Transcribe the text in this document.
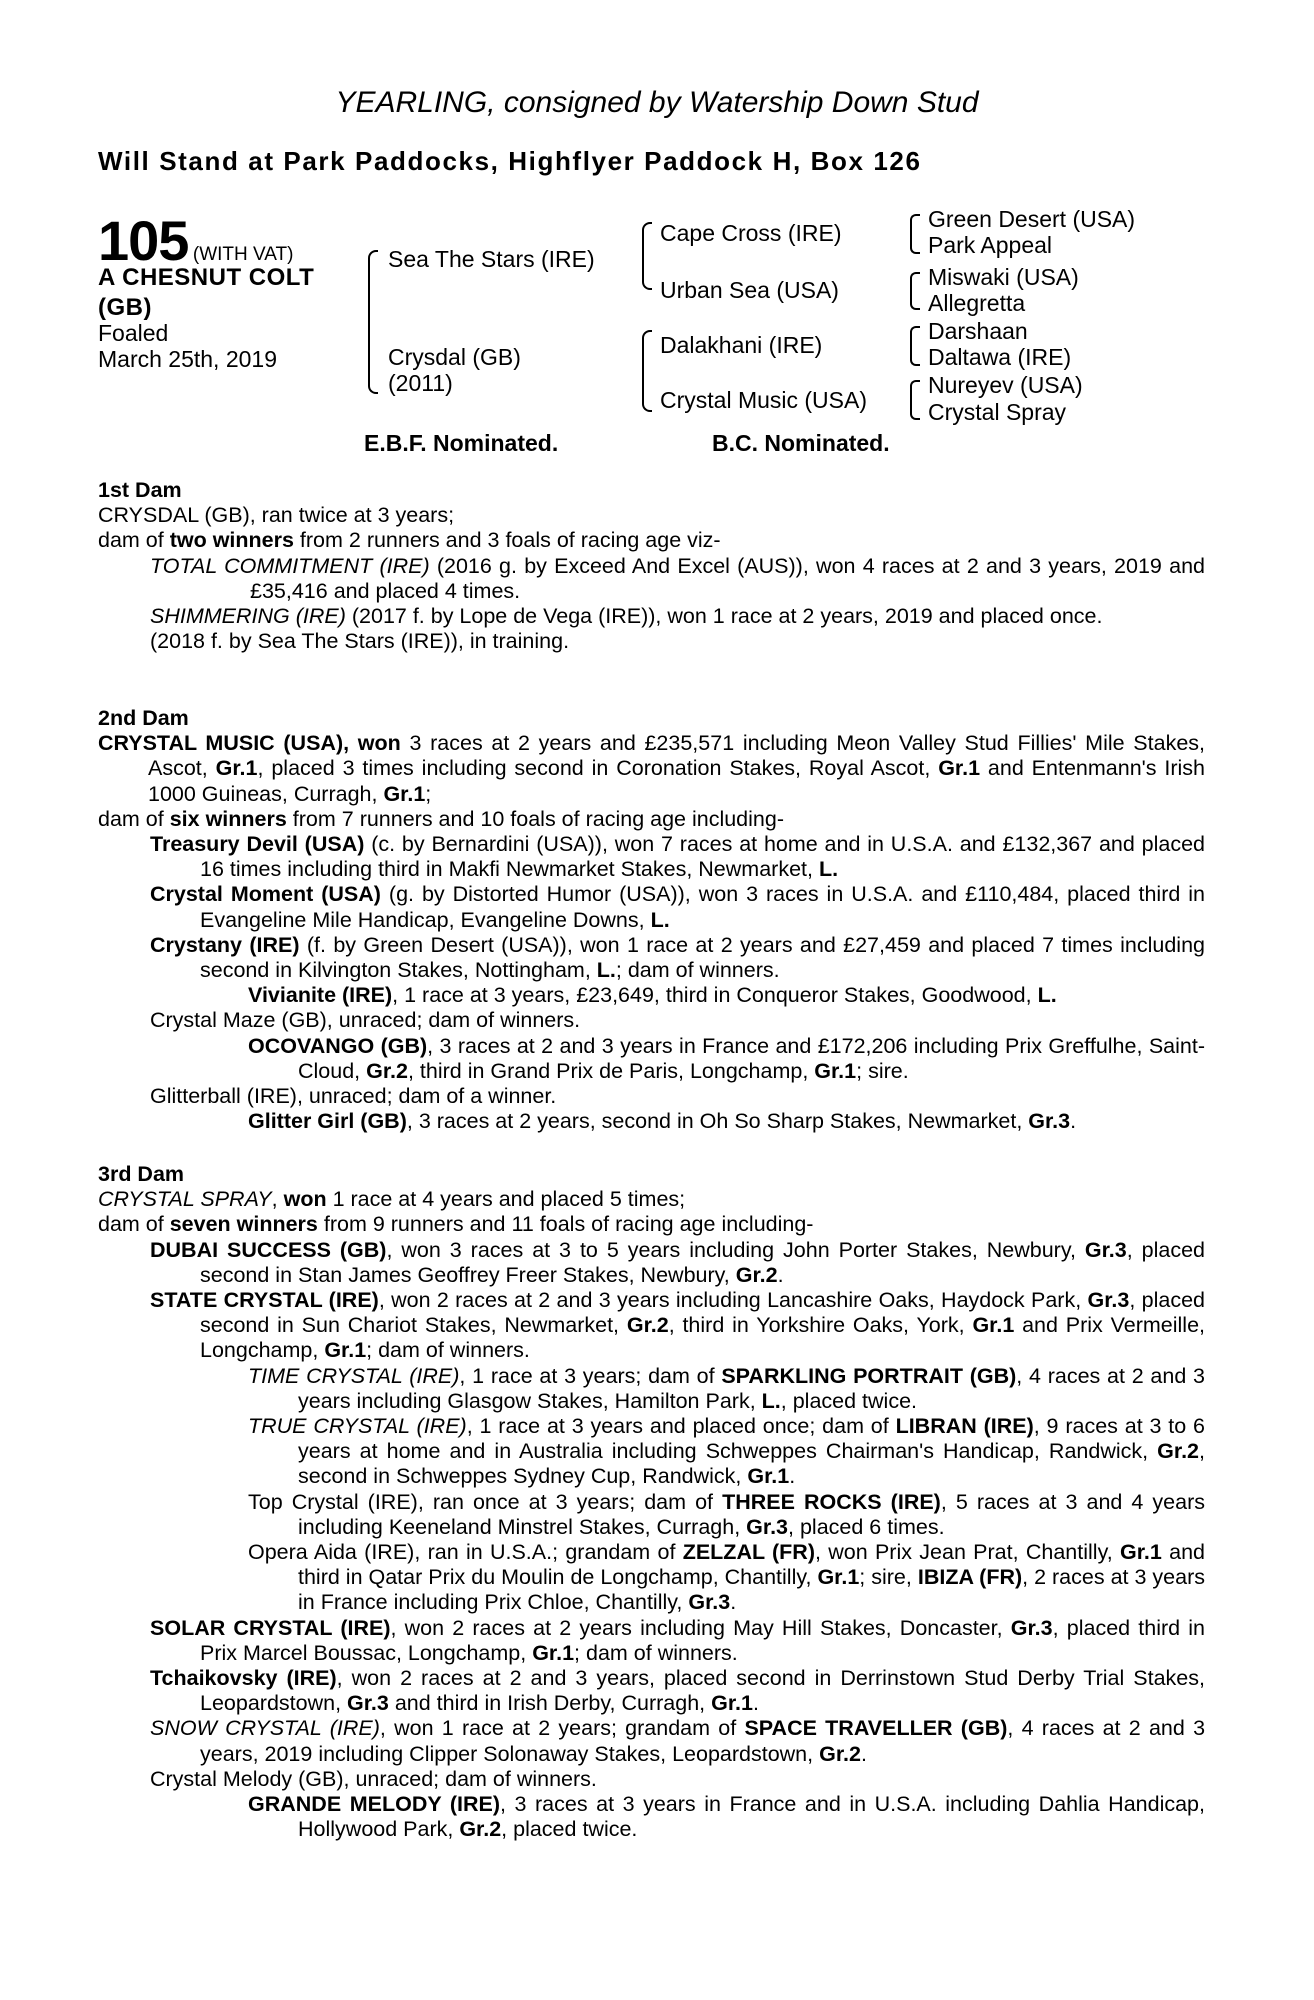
YEARLING, consigned by Watership Down Stud
Will Stand at Park Paddocks, Highflyer Paddock H, Box 126
105 (WITH VAT)
A CHESNUT COLT
(GB)
Foaled
March 25th, 2019
Sea The Stars (IRE)
Crysdal (GB)
(2011)
Cape Cross (IRE)
Urban Sea (USA)
Dalakhani (IRE)
Crystal Music (USA)
Green Desert (USA)
Park Appeal
Miswaki (USA)
Allegretta
Darshaan
Daltawa (IRE)
Nureyev (USA)
Crystal Spray
E.B.F. Nominated.	B.C. Nominated.
1st Dam
CRYSDAL (GB), ran twice at 3 years;
dam of two winners from 2 runners and 3 foals of racing age viz-
TOTAL COMMITMENT (IRE) (2016 g. by Exceed And Excel (AUS)), won 4 races at 2 and 3 years, 2019 and £35,416 and placed 4 times.
SHIMMERING (IRE) (2017 f. by Lope de Vega (IRE)), won 1 race at 2 years, 2019 and placed once.
(2018 f. by Sea The Stars (IRE)), in training.
2nd Dam
CRYSTAL MUSIC (USA), won 3 races at 2 years and £235,571 including Meon Valley Stud Fillies' Mile Stakes, Ascot, Gr.1, placed 3 times including second in Coronation Stakes, Royal Ascot, Gr.1 and Entenmann's Irish 1000 Guineas, Curragh, Gr.1;
dam of six winners from 7 runners and 10 foals of racing age including-
Treasury Devil (USA) (c. by Bernardini (USA)), won 7 races at home and in U.S.A. and £132,367 and placed 16 times including third in Makfi Newmarket Stakes, Newmarket, L.
Crystal Moment (USA) (g. by Distorted Humor (USA)), won 3 races in U.S.A. and £110,484, placed third in Evangeline Mile Handicap, Evangeline Downs, L.
Crystany (IRE) (f. by Green Desert (USA)), won 1 race at 2 years and £27,459 and placed 7 times including second in Kilvington Stakes, Nottingham, L.; dam of winners.
Vivianite (IRE), 1 race at 3 years, £23,649, third in Conqueror Stakes, Goodwood, L.
Crystal Maze (GB), unraced; dam of winners.
OCOVANGO (GB), 3 races at 2 and 3 years in France and £172,206 including Prix Greffulhe, Saint-Cloud, Gr.2, third in Grand Prix de Paris, Longchamp, Gr.1; sire.
Glitterball (IRE), unraced; dam of a winner.
Glitter Girl (GB), 3 races at 2 years, second in Oh So Sharp Stakes, Newmarket, Gr.3.
3rd Dam
CRYSTAL SPRAY, won 1 race at 4 years and placed 5 times;
dam of seven winners from 9 runners and 11 foals of racing age including-
DUBAI SUCCESS (GB), won 3 races at 3 to 5 years including John Porter Stakes, Newbury, Gr.3, placed second in Stan James Geoffrey Freer Stakes, Newbury, Gr.2.
STATE CRYSTAL (IRE), won 2 races at 2 and 3 years including Lancashire Oaks, Haydock Park, Gr.3, placed second in Sun Chariot Stakes, Newmarket, Gr.2, third in Yorkshire Oaks, York, Gr.1 and Prix Vermeille, Longchamp, Gr.1; dam of winners.
TIME CRYSTAL (IRE), 1 race at 3 years; dam of SPARKLING PORTRAIT (GB), 4 races at 2 and 3 years including Glasgow Stakes, Hamilton Park, L., placed twice.
TRUE CRYSTAL (IRE), 1 race at 3 years and placed once; dam of LIBRAN (IRE), 9 races at 3 to 6 years at home and in Australia including Schweppes Chairman's Handicap, Randwick, Gr.2, second in Schweppes Sydney Cup, Randwick, Gr.1.
Top Crystal (IRE), ran once at 3 years; dam of THREE ROCKS (IRE), 5 races at 3 and 4 years including Keeneland Minstrel Stakes, Curragh, Gr.3, placed 6 times.
Opera Aida (IRE), ran in U.S.A.; grandam of ZELZAL (FR), won Prix Jean Prat, Chantilly, Gr.1 and third in Qatar Prix du Moulin de Longchamp, Chantilly, Gr.1; sire, IBIZA (FR), 2 races at 3 years in France including Prix Chloe, Chantilly, Gr.3.
SOLAR CRYSTAL (IRE), won 2 races at 2 years including May Hill Stakes, Doncaster, Gr.3, placed third in Prix Marcel Boussac, Longchamp, Gr.1; dam of winners.
Tchaikovsky (IRE), won 2 races at 2 and 3 years, placed second in Derrinstown Stud Derby Trial Stakes, Leopardstown, Gr.3 and third in Irish Derby, Curragh, Gr.1.
SNOW CRYSTAL (IRE), won 1 race at 2 years; grandam of SPACE TRAVELLER (GB), 4 races at 2 and 3 years, 2019 including Clipper Solonaway Stakes, Leopardstown, Gr.2.
Crystal Melody (GB), unraced; dam of winners.
GRANDE MELODY (IRE), 3 races at 3 years in France and in U.S.A. including Dahlia Handicap, Hollywood Park, Gr.2, placed twice.
